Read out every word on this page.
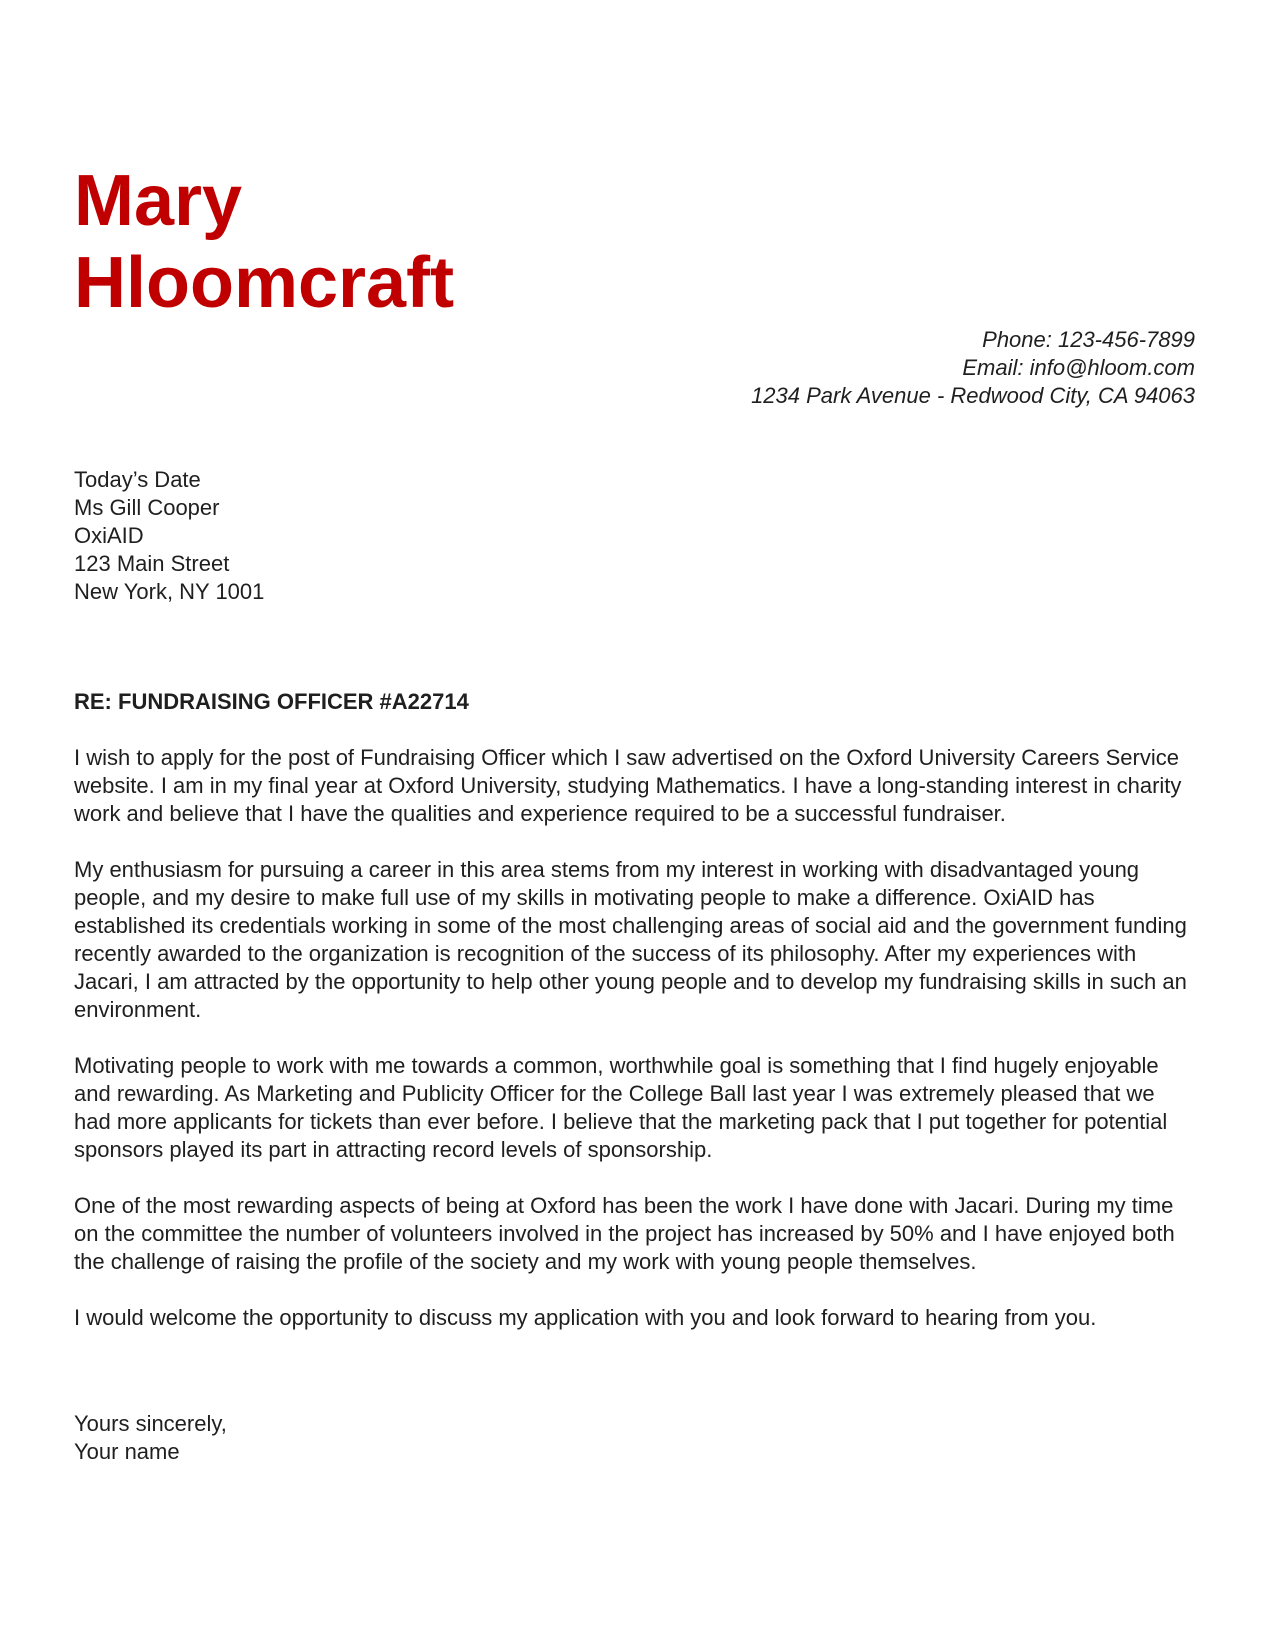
Mary
Hloomcraft
Phone: 123-456-7899
Email: info@hloom.com
1234 Park Avenue - Redwood City, CA 94063
Today’s Date
Ms Gill Cooper
OxiAID
123 Main Street
New York, NY 1001
RE: FUNDRAISING OFFICER #A22714

I wish to apply for the post of Fundraising Officer which I saw advertised on the Oxford University Careers Service website. I am in my final year at Oxford University, studying Mathematics. I have a long-standing interest in charity work and believe that I have the qualities and experience required to be a successful fundraiser.

My enthusiasm for pursuing a career in this area stems from my interest in working with disadvantaged young people, and my desire to make full use of my skills in motivating people to make a difference. OxiAID has established its credentials working in some of the most challenging areas of social aid and the government funding recently awarded to the organization is recognition of the success of its philosophy. After my experiences with Jacari, I am attracted by the opportunity to help other young people and to develop my fundraising skills in such an environment.

Motivating people to work with me towards a common, worthwhile goal is something that I find hugely enjoyable and rewarding. As Marketing and Publicity Officer for the College Ball last year I was extremely pleased that we had more applicants for tickets than ever before. I believe that the marketing pack that I put together for potential sponsors played its part in attracting record levels of sponsorship.

One of the most rewarding aspects of being at Oxford has been the work I have done with Jacari. During my time on the committee the number of volunteers involved in the project has increased by 50% and I have enjoyed both the challenge of raising the profile of the society and my work with young people themselves.

I would welcome the opportunity to discuss my application with you and look forward to hearing from you.

Yours sincerely,
Your name
